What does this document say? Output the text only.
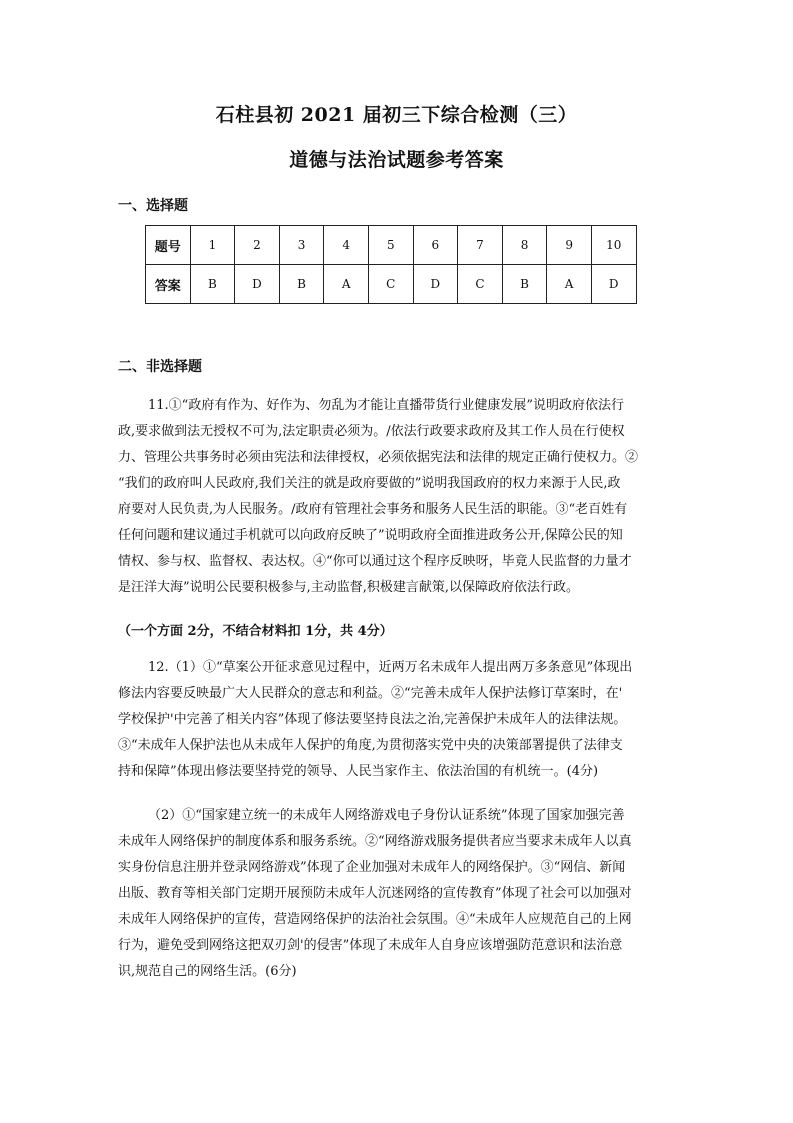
石柱县初 2021 届初三下综合检测（三）
道德与法治试题参考答案
一、选择题
题号	1	2	3	4	5	6	7	8	9	10
答案	B	D	B	A	C	D	C	B	A	D
二、非选择题
11.①“政府有作为、好作为、勿乱为才能让直播带货行业健康发展”说明政府依法行
政,要求做到法无授权不可为,法定职责必须为。/依法行政要求政府及其工作人员在行使权
力、管理公共事务时必须由宪法和法律授权，必须依据宪法和法律的规定正确行使权力。②
“我们的政府叫人民政府,我们关注的就是政府要做的”说明我国政府的权力来源于人民,政
府要对人民负责,为人民服务。/政府有管理社会事务和服务人民生活的职能。③“老百姓有
任何问题和建议通过手机就可以向政府反映了”说明政府全面推进政务公开,保障公民的知
情权、参与权、监督权、表达权。④“你可以通过这个程序反映呀，毕竟人民监督的力量才
是汪洋大海”说明公民要积极参与,主动监督,积极建言献策,以保障政府依法行政。
（一个方面 2分，不结合材料扣 1分，共 4分）
12.（1）①“草案公开征求意见过程中，近两万名未成年人提出两万多条意见”体现出
修法内容要反映最广大人民群众的意志和利益。②“完善未成年人保护法修订草案时，在'
学校保护'中完善了相关内容”体现了修法要坚持良法之治,完善保护未成年人的法律法规。
③“未成年人保护法也从未成年人保护的角度,为贯彻落实党中央的决策部署提供了法律支
持和保障”体现出修法要坚持党的领导、人民当家作主、依法治国的有机统一。(4分)
（2）①“国家建立统一的未成年人网络游戏电子身份认证系统”体现了国家加强完善
未成年人网络保护的制度体系和服务系统。②“网络游戏服务提供者应当要求未成年人以真
实身份信息注册并登录网络游戏”体现了企业加强对未成年人的网络保护。③“网信、新闻
出版、教育等相关部门定期开展预防未成年人沉迷网络的宣传教育”体现了社会可以加强对
未成年人网络保护的宣传，营造网络保护的法治社会氛围。④“未成年人应规范自己的上网
行为，避免受到网络这把双刃剑'的侵害”体现了未成年人自身应该增强防范意识和法治意
识,规范自己的网络生活。(6分)
